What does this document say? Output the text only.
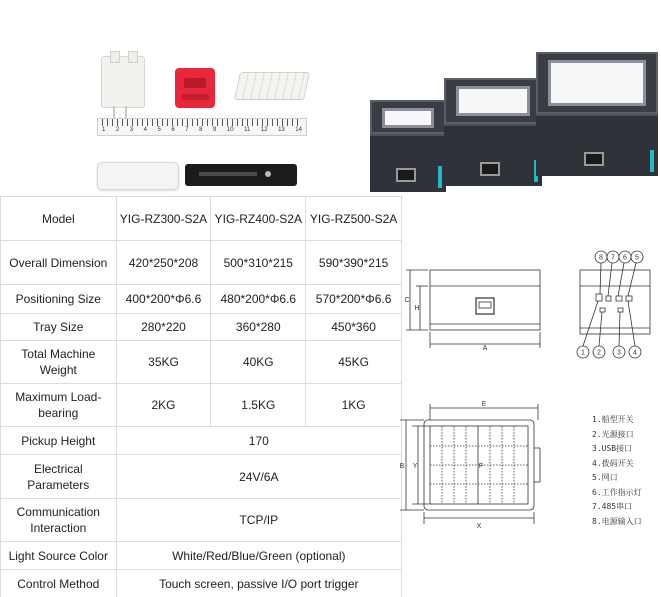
1 2 3 4 5 6 7 8 9 10 11 12 13 14
Model	YIG-RZ300-S2A	YIG-RZ400-S2A	YIG-RZ500-S2A
Overall Dimension	420*250*208	500*310*215	590*390*215
Positioning Size	400*200*Φ6.6	480*200*Φ6.6	570*200*Φ6.6
Tray Size	280*220	360*280	450*360
Total Machine Weight	35KG	40KG	45KG
Maximum Load-bearing	2KG	1.5KG	1KG
Pickup Height	170		
Electrical Parameters	24V/6A		
Communication Interaction	TCP/IP		
Light Source Color	White/Red/Blue/Green (optional)		
Control Method	Touch screen, passive I/O port trigger		
A
C
H
8 7 6 5
1 2 3 4
E
X
B Y	F
1.船型开关
2.光源接口
3.USB接口
4.拨码开关
5.网口
6.工作指示灯
7.485串口
8.电源输入口
